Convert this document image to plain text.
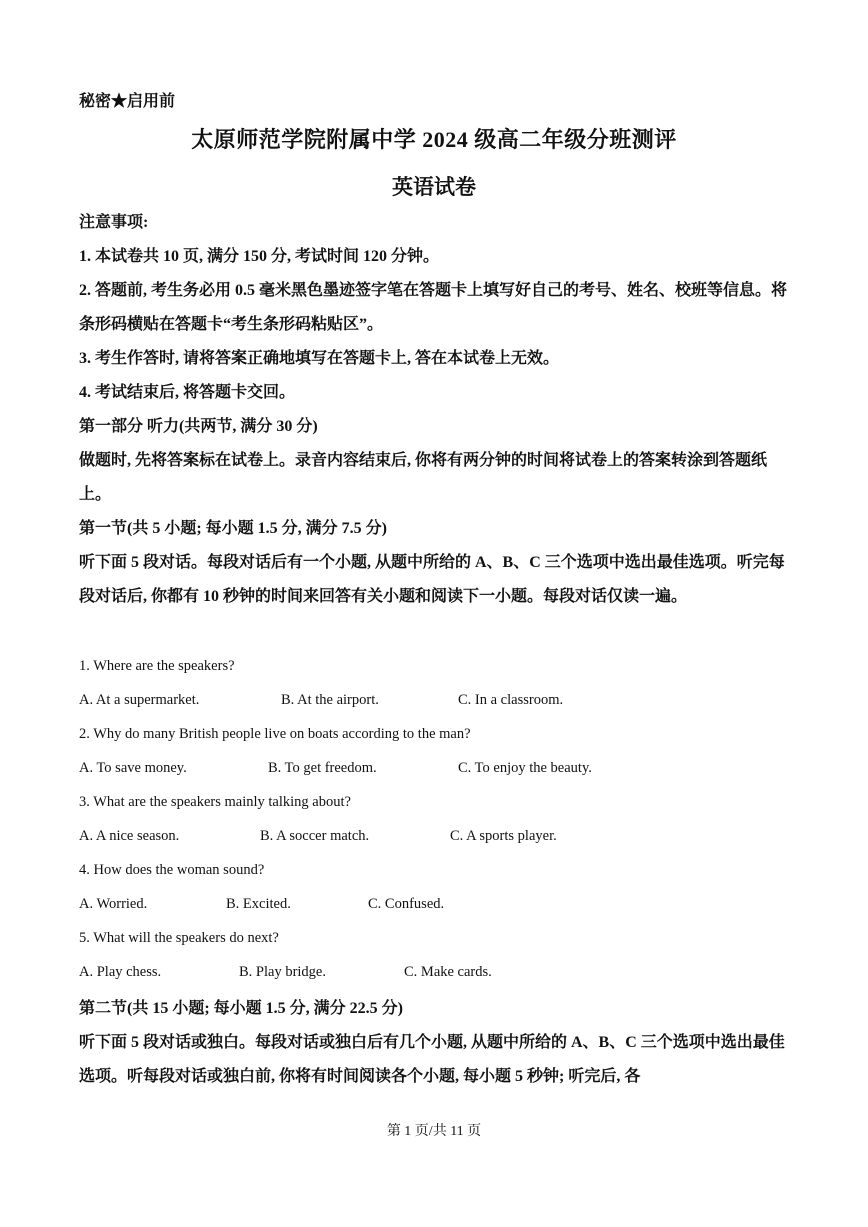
秘密★启用前
太原师范学院附属中学 2024 级高二年级分班测评
英语试卷

注意事项:

1. 本试卷共 10 页, 满分 150 分, 考试时间 120 分钟。

2. 答题前, 考生务必用 0.5 毫米黑色墨迹签字笔在答题卡上填写好自己的考号、姓名、校班等信息。将条形码横贴在答题卡“考生条形码粘贴区”。

3. 考生作答时, 请将答案正确地填写在答题卡上, 答在本试卷上无效。

4. 考试结束后, 将答题卡交回。

第一部分 听力(共两节, 满分 30 分)

做题时, 先将答案标在试卷上。录音内容结束后, 你将有两分钟的时间将试卷上的答案转涂到答题纸上。

第一节(共 5 小题; 每小题 1.5 分, 满分 7.5 分)

听下面 5 段对话。每段对话后有一个小题, 从题中所给的 A、B、C 三个选项中选出最佳选项。听完每段对话后, 你都有 10 秒钟的时间来回答有关小题和阅读下一小题。每段对话仅读一遍。

1. Where are the speakers?
A. At a supermarket.	B. At the airport.	C. In a classroom.
2. Why do many British people live on boats according to the man?
A. To save money.	B. To get freedom.	C. To enjoy the beauty.
3. What are the speakers mainly talking about?
A. A nice season.	B. A soccer match.	C. A sports player.
4. How does the woman sound?
A. Worried.	B. Excited.	C. Confused.
5. What will the speakers do next?
A. Play chess.	B. Play bridge.	C. Make cards.

第二节(共 15 小题; 每小题 1.5 分, 满分 22.5 分)

听下面 5 段对话或独白。每段对话或独白后有几个小题, 从题中所给的 A、B、C 三个选项中选出最佳选项。听每段对话或独白前, 你将有时间阅读各个小题, 每小题 5 秒钟; 听完后, 各

第 1 页/共 11 页
